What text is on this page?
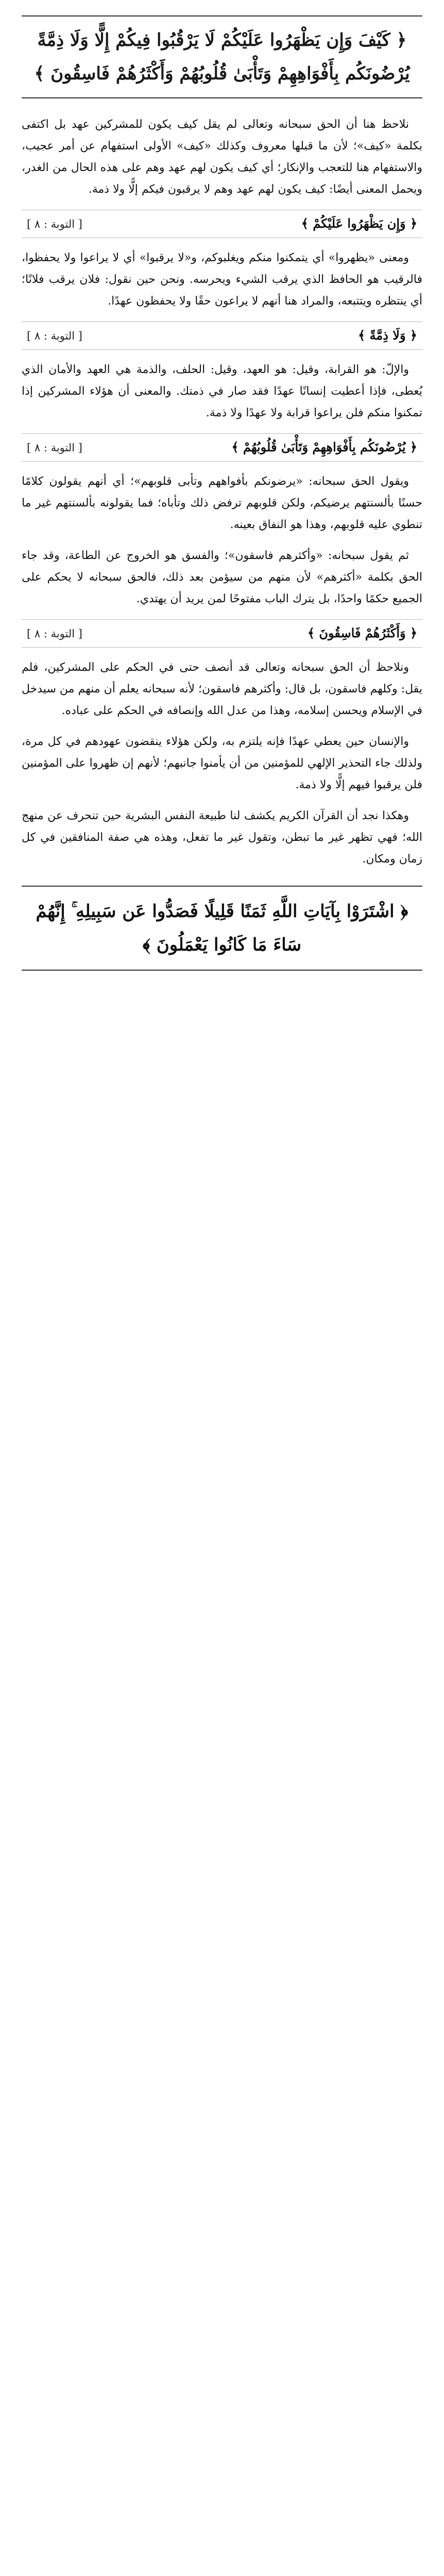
﴿ كَيْفَ وَإِن يَظْهَرُوا عَلَيْكُمْ لَا يَرْقُبُوا فِيكُمْ إِلًّا وَلَا ذِمَّةً يُرْضُونَكُم بِأَفْوَاهِهِمْ وَتَأْبَىٰ قُلُوبُهُمْ وَأَكْثَرُهُمْ فَاسِقُونَ ﴾

نلاحظ هنا أن الحق سبحانه وتعالى لم يقل كيف يكون للمشركين عهد بل اكتفى بكلمة «كيف»؛ لأن ما قبلها معروف وكذلك «كيف» الأولى استفهام عن أمر عجيب، والاستفهام هنا للتعجب والإنكار؛ أي كيف يكون لهم عهد وهم على هذه الحال من الغدر، ويحمل المعنى أيضًا: كيف يكون لهم عهد وهم لا يرقبون فيكم إلًّا ولا ذمة.

﴿ وَإِن يَظْهَرُوا عَلَيْكُمْ ﴾
[ التوبة : ٨ ]

ومعنى «يظهروا» أي يتمكنوا منكم ويغلبوكم، و«لا يرقبوا» أي لا يراعوا ولا يحفظوا، فالرقيب هو الحافظ الذي يرقب الشيء ويحرسه. ونحن حين نقول: فلان يرقب فلانًا؛ أي ينتظره ويتتبعه، والمراد هنا أنهم لا يراعون حقًا ولا يحفظون عهدًا.

﴿ وَلَا ذِمَّةً ﴾
[ التوبة : ٨ ]

والإلّ: هو القرابة، وقيل: هو العهد، وقيل: الحلف، والذمة هي العهد والأمان الذي يُعطى، فإذا أعطيت إنسانًا عهدًا فقد صار في ذمتك. والمعنى أن هؤلاء المشركين إذا تمكنوا منكم فلن يراعوا قرابة ولا عهدًا ولا ذمة.

﴿ يُرْضُونَكُم بِأَفْوَاهِهِمْ وَتَأْبَىٰ قُلُوبُهُمْ ﴾
[ التوبة : ٨ ]

ويقول الحق سبحانه: «يرضونكم بأفواههم وتأبى قلوبهم»؛ أي أنهم يقولون كلامًا حسنًا بألسنتهم يرضيكم، ولكن قلوبهم ترفض ذلك وتأباه؛ فما يقولونه بألسنتهم غير ما تنطوي عليه قلوبهم، وهذا هو النفاق بعينه.

ثم يقول سبحانه: «وأكثرهم فاسقون»؛ والفسق هو الخروج عن الطاعة، وقد جاء الحق بكلمة «أكثرهم» لأن منهم من سيؤمن بعد ذلك، فالحق سبحانه لا يحكم على الجميع حكمًا واحدًا، بل يترك الباب مفتوحًا لمن يريد أن يهتدي.

﴿ وَأَكْثَرُهُمْ فَاسِقُونَ ﴾
[ التوبة : ٨ ]

ونلاحظ أن الحق سبحانه وتعالى قد أنصف حتى في الحكم على المشركين، فلم يقل: وكلهم فاسقون، بل قال: وأكثرهم فاسقون؛ لأنه سبحانه يعلم أن منهم من سيدخل في الإسلام ويحسن إسلامه، وهذا من عدل الله وإنصافه في الحكم على عباده.

والإنسان حين يعطي عهدًا فإنه يلتزم به، ولكن هؤلاء ينقضون عهودهم في كل مرة، ولذلك جاء التحذير الإلهي للمؤمنين من أن يأمنوا جانبهم؛ لأنهم إن ظهروا على المؤمنين فلن يرقبوا فيهم إلًّا ولا ذمة.

وهكذا نجد أن القرآن الكريم يكشف لنا طبيعة النفس البشرية حين تنحرف عن منهج الله؛ فهي تظهر غير ما تبطن، وتقول غير ما تفعل، وهذه هي صفة المنافقين في كل زمان ومكان.

﴿ اشْتَرَوْا بِآيَاتِ اللَّهِ ثَمَنًا قَلِيلًا فَصَدُّوا عَن سَبِيلِهِ ۚ إِنَّهُمْ سَاءَ مَا كَانُوا يَعْمَلُونَ ﴾
